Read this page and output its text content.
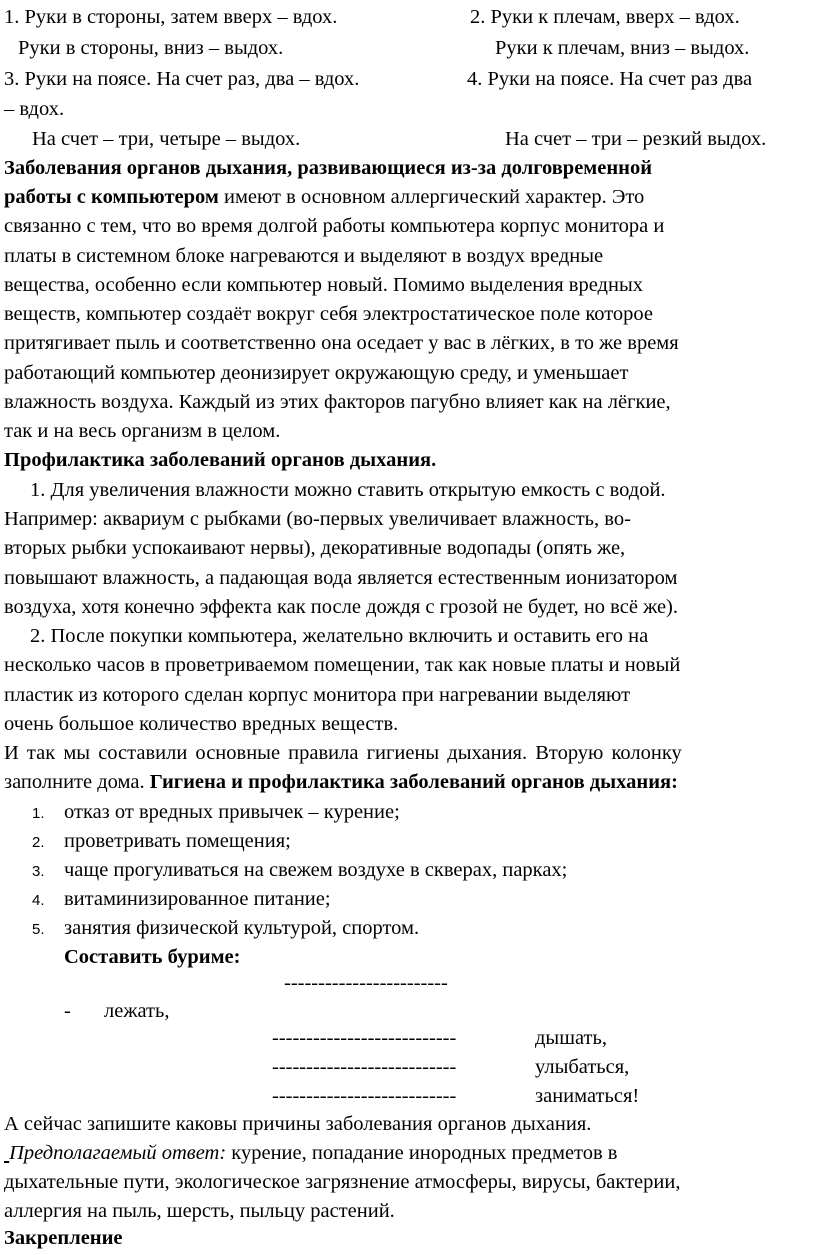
1. Руки в стороны, затем вверх – вдох.	2. Руки к плечам, вверх – вдох.
Руки в стороны, вниз – выдох.	Руки к плечам, вниз – выдох.
3. Руки на поясе. На счет раз, два – вдох.	4. Руки на поясе. На счет раз два
– вдох.
На счет – три, четыре – выдох.	На счет – три – резкий выдох.
Заболевания органов дыхания, развивающиеся из-за долговременной
работы с компьютером имеют в основном аллергический характер. Это
связанно с тем, что во время долгой работы компьютера корпус монитора и
платы в системном блоке нагреваются и выделяют в воздух вредные
вещества, особенно если компьютер новый. Помимо выделения вредных
веществ, компьютер создаёт вокруг себя электростатическое поле которое
притягивает пыль и соответственно она оседает у вас в лёгких, в то же время
работающий компьютер деонизирует окружающую среду, и уменьшает
влажность воздуха. Каждый из этих факторов пагубно влияет как на лёгкие,
так и на весь организм в целом.
Профилактика заболеваний органов дыхания.
1. Для увеличения влажности можно ставить открытую емкость с водой.
Например: аквариум с рыбками (во-первых увеличивает влажность, во-
вторых рыбки успокаивают нервы), декоративные водопады (опять же,
повышают влажность, а падающая вода является естественным ионизатором
воздуха, хотя конечно эффекта как после дождя с грозой не будет, но всё же).
2. После покупки компьютера, желательно включить и оставить его на
несколько часов в проветриваемом помещении, так как новые платы и новый
пластик из которого сделан корпус монитора при нагревании выделяют
очень большое количество вредных веществ.
И так мы составили основные правила гигиены дыхания. Вторую колонку
заполните дома. Гигиена и профилактика заболеваний органов дыхания:
1. отказ от вредных привычек – курение;
2. проветривать помещения;
3. чаще прогуливаться на свежем воздухе в скверах, парках;
4. витаминизированное питание;
5. занятия физической культурой, спортом.
Составить буриме:
------------------------
- лежать,
---------------------------	дышать,
---------------------------	улыбаться,
---------------------------	заниматься!
А сейчас запишите каковы причины заболевания органов дыхания.
Предполагаемый ответ: курение, попадание инородных предметов в
дыхательные пути, экологическое загрязнение атмосферы, вирусы, бактерии,
аллергия на пыль, шерсть, пыльцу растений.
Закрепление
